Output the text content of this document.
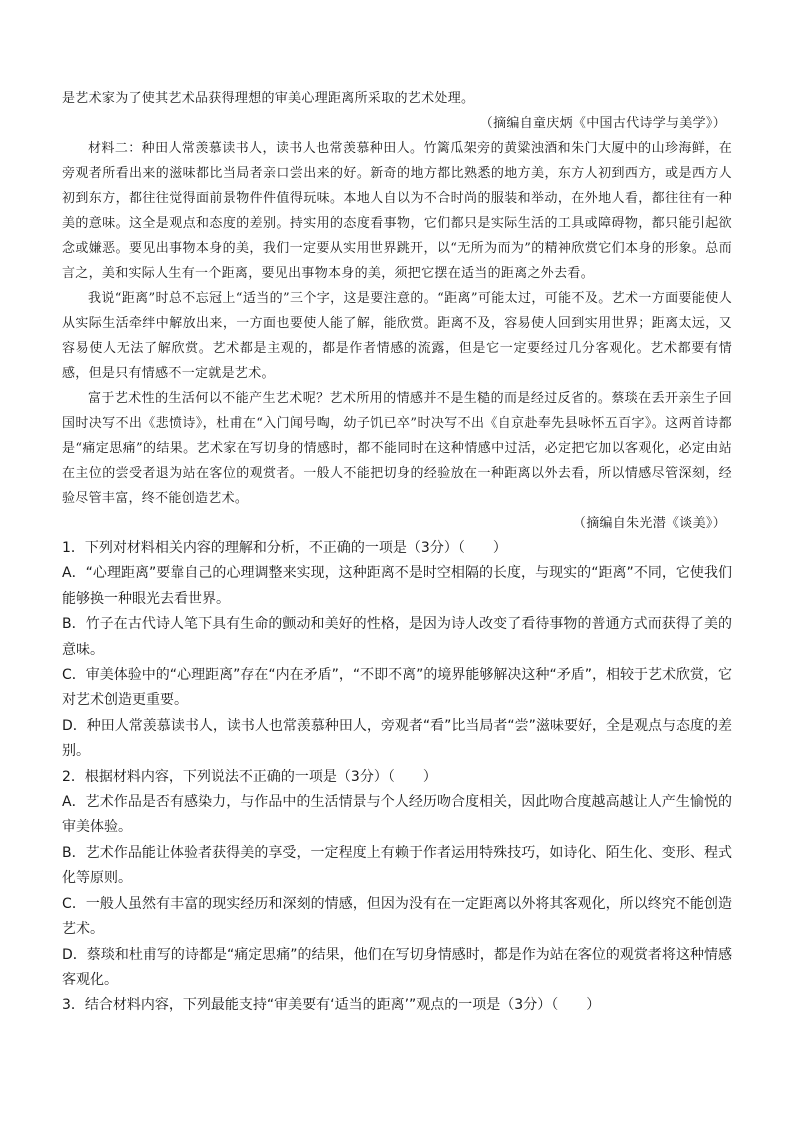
是艺术家为了使其艺术品获得理想的审美心理距离所采取的艺术处理。

（摘编自童庆炳《中国古代诗学与美学》）

材料二：种田人常羡慕读书人，读书人也常羡慕种田人。竹篱瓜架旁的黄粱浊酒和朱门大厦中的山珍海鲜，在旁观者所看出来的滋味都比当局者亲口尝出来的好。新奇的地方都比熟悉的地方美，东方人初到西方，或是西方人初到东方，都往往觉得面前景物件件值得玩味。本地人自以为不合时尚的服装和举动，在外地人看，都往往有一种美的意味。这全是观点和态度的差别。持实用的态度看事物，它们都只是实际生活的工具或障碍物，都只能引起欲念或嫌恶。要见出事物本身的美，我们一定要从实用世界跳开，以“无所为而为”的精神欣赏它们本身的形象。总而言之，美和实际人生有一个距离，要见出事物本身的美，须把它摆在适当的距离之外去看。

我说“距离”时总不忘冠上“适当的”三个字，这是要注意的。“距离”可能太过，可能不及。艺术一方面要能使人从实际生活牵绊中解放出来，一方面也要使人能了解，能欣赏。距离不及，容易使人回到实用世界；距离太远，又容易使人无法了解欣赏。艺术都是主观的，都是作者情感的流露，但是它一定要经过几分客观化。艺术都要有情感，但是只有情感不一定就是艺术。

富于艺术性的生活何以不能产生艺术呢？艺术所用的情感并不是生糙的而是经过反省的。蔡琰在丢开亲生子回国时决写不出《悲愤诗》，杜甫在“入门闻号啕，幼子饥已卒”时决写不出《自京赴奉先县咏怀五百字》。这两首诗都是“痛定思痛”的结果。艺术家在写切身的情感时，都不能同时在这种情感中过活，必定把它加以客观化，必定由站在主位的尝受者退为站在客位的观赏者。一般人不能把切身的经验放在一种距离以外去看，所以情感尽管深刻，经验尽管丰富，终不能创造艺术。

（摘编自朱光潜《谈美》）

1．下列对材料相关内容的理解和分析，不正确的一项是（3分）（　　）

A．“心理距离”要靠自己的心理调整来实现，这种距离不是时空相隔的长度，与现实的“距离”不同，它使我们能够换一种眼光去看世界。

B．竹子在古代诗人笔下具有生命的颤动和美好的性格，是因为诗人改变了看待事物的普通方式而获得了美的意味。

C．审美体验中的“心理距离”存在“内在矛盾”，“不即不离”的境界能够解决这种“矛盾”，相较于艺术欣赏，它对艺术创造更重要。

D．种田人常羡慕读书人，读书人也常羡慕种田人，旁观者“看”比当局者“尝”滋味要好，全是观点与态度的差别。

2．根据材料内容，下列说法不正确的一项是（3分）（　　）

A．艺术作品是否有感染力，与作品中的生活情景与个人经历吻合度相关，因此吻合度越高越让人产生愉悦的审美体验。

B．艺术作品能让体验者获得美的享受，一定程度上有赖于作者运用特殊技巧，如诗化、陌生化、变形、程式化等原则。

C．一般人虽然有丰富的现实经历和深刻的情感，但因为没有在一定距离以外将其客观化，所以终究不能创造艺术。

D．蔡琰和杜甫写的诗都是“痛定思痛”的结果，他们在写切身情感时，都是作为站在客位的观赏者将这种情感客观化。

3．结合材料内容，下列最能支持“审美要有‘适当的距离’”观点的一项是（3分）（　　）
